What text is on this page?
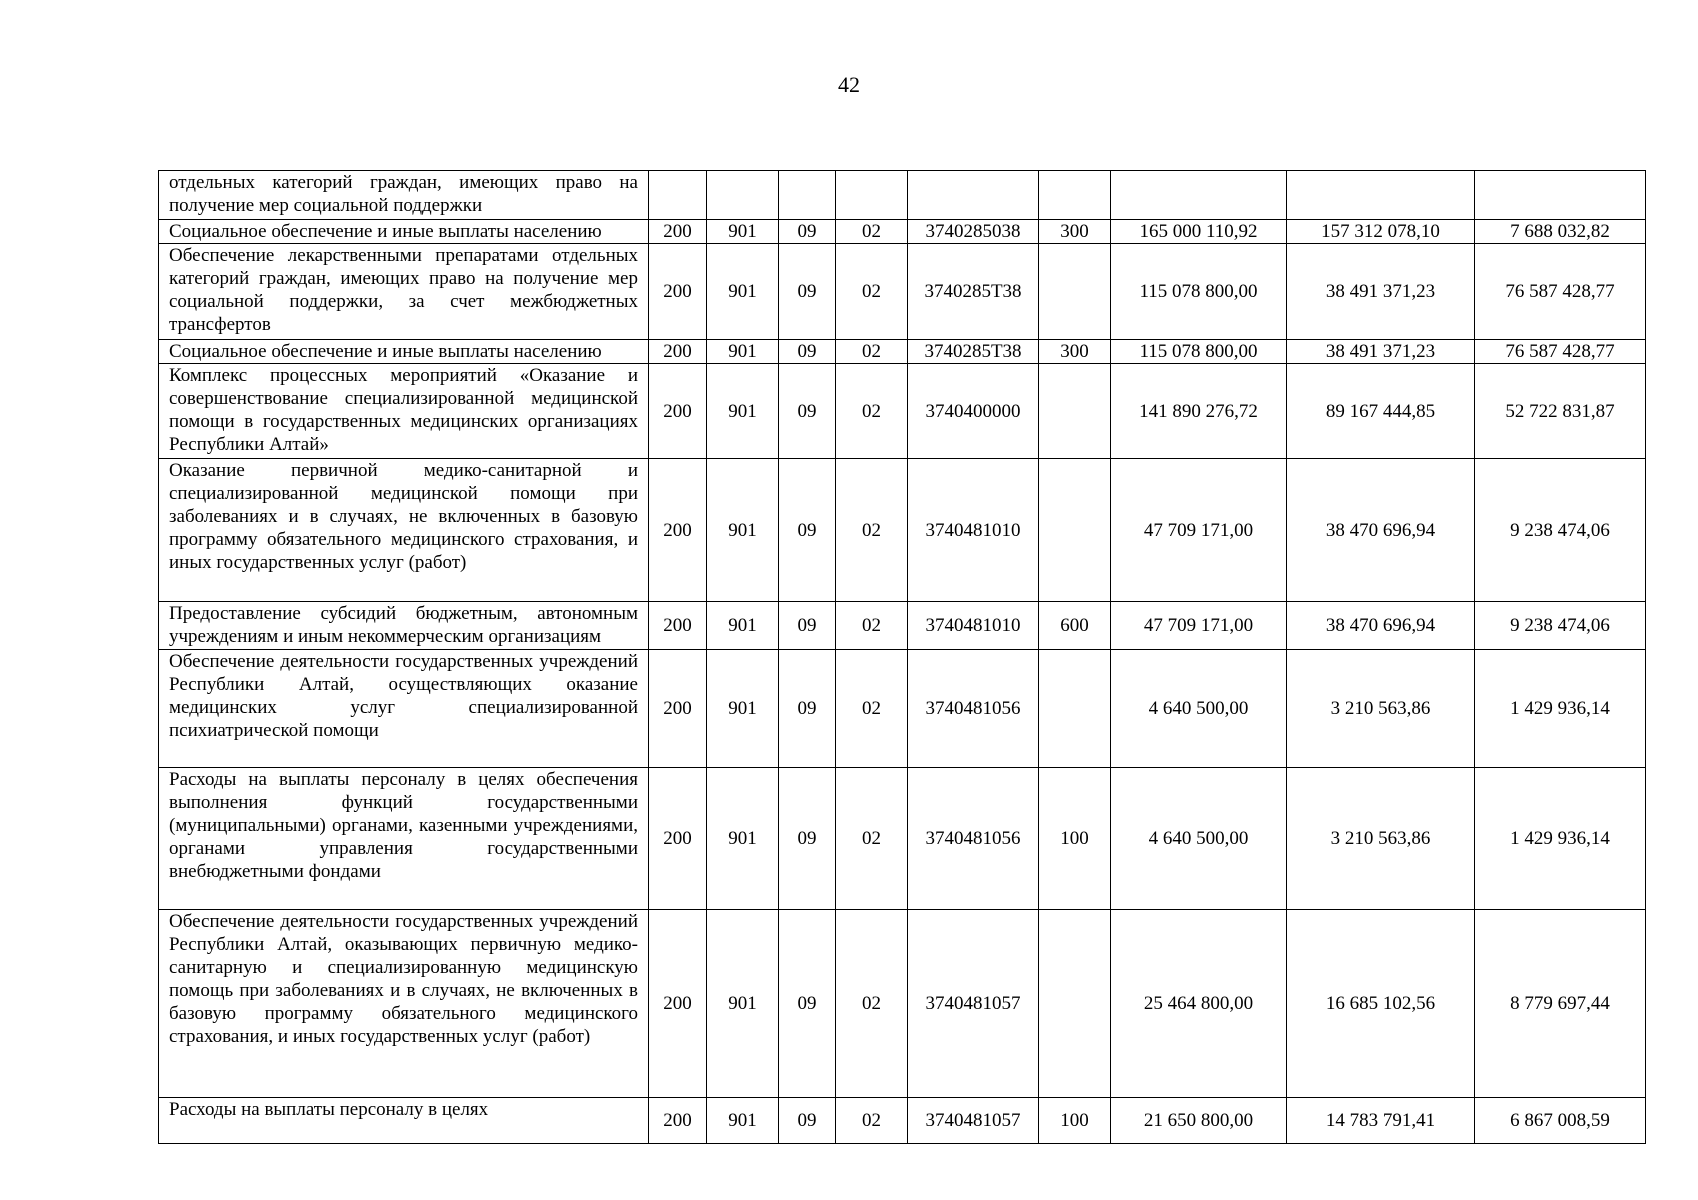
42
отдельных категорий граждан, имеющих право на получение мер социальной поддержки									
Социальное обеспечение и иные выплаты населению	200	901	09	02	3740285038	300	165 000 110,92	157 312 078,10	7 688 032,82
Обеспечение лекарственными препаратами отдельных категорий граждан, имеющих право на получение мер социальной поддержки, за счет межбюджетных трансфертов	200	901	09	02	3740285Т38		115 078 800,00	38 491 371,23	76 587 428,77
Социальное обеспечение и иные выплаты населению	200	901	09	02	3740285Т38	300	115 078 800,00	38 491 371,23	76 587 428,77
Комплекс процессных мероприятий «Оказание и совершенствование специализированной медицинской помощи в государственных медицинских организациях Республики Алтай»	200	901	09	02	3740400000		141 890 276,72	89 167 444,85	52 722 831,87
Оказание первичной медико-санитарной и специализированной медицинской помощи при заболеваниях и в случаях, не включенных в базовую программу обязательного медицинского страхования, и иных государственных услуг (работ)	200	901	09	02	3740481010		47 709 171,00	38 470 696,94	9 238 474,06
Предоставление субсидий бюджетным, автономным учреждениям и иным некоммерческим организациям	200	901	09	02	3740481010	600	47 709 171,00	38 470 696,94	9 238 474,06
Обеспечение деятельности государственных учреждений Республики Алтай, осуществляющих оказание медицинских услуг специализированной психиатрической помощи	200	901	09	02	3740481056		4 640 500,00	3 210 563,86	1 429 936,14
Расходы на выплаты персоналу в целях обеспечения выполнения функций государственными (муниципальными) органами, казенными учреждениями, органами управления государственными внебюджетными фондами	200	901	09	02	3740481056	100	4 640 500,00	3 210 563,86	1 429 936,14
Обеспечение деятельности государственных учреждений Республики Алтай, оказывающих первичную медико-санитарную и специализированную медицинскую помощь при заболеваниях и в случаях, не включенных в базовую программу обязательного медицинского страхования, и иных государственных услуг (работ)	200	901	09	02	3740481057		25 464 800,00	16 685 102,56	8 779 697,44
Расходы на выплаты персоналу в целях	200	901	09	02	3740481057	100	21 650 800,00	14 783 791,41	6 867 008,59
